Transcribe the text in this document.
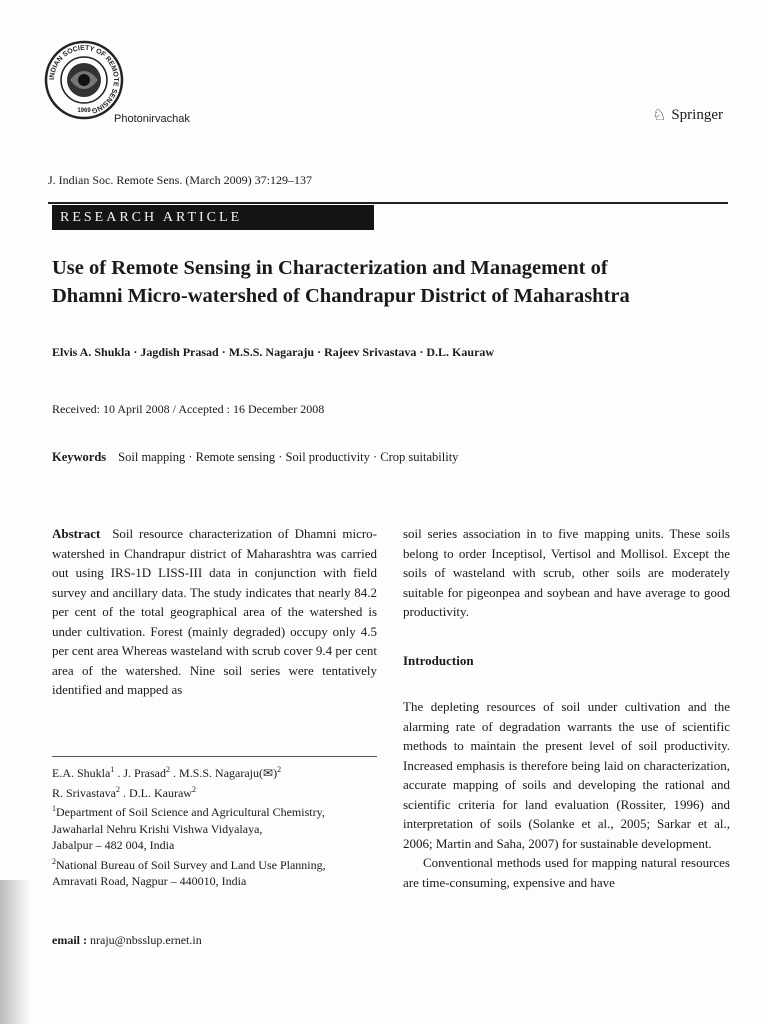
INDIAN SOCIETY OF REMOTE SENSING
1969
Photonirvachak	♘ Springer
J. Indian Soc. Remote Sens. (March 2009) 37:129–137
RESEARCH ARTICLE
Use of Remote Sensing in Characterization and Management of
Dhamni Micro-watershed of Chandrapur District of Maharashtra
Elvis A. Shukla · Jagdish Prasad · M.S.S. Nagaraju · Rajeev Srivastava · D.L. Kauraw
Received: 10 April 2008 / Accepted : 16 December 2008
Keywords Soil mapping · Remote sensing · Soil productivity · Crop suitability
Abstract Soil resource characterization of Dhamni micro-watershed in Chandrapur district of Maharashtra was carried out using IRS-1D LISS-III data in conjunction with field survey and ancillary data. The study indicates that nearly 84.2 per cent of the total geographical area of the watershed is under cultivation. Forest (mainly degraded) occupy only 4.5 per cent area Whereas wasteland with scrub cover 9.4 per cent area of the watershed. Nine soil series were tentatively identified and mapped as

soil series association in to five mapping units. These soils belong to order Inceptisol, Vertisol and Mollisol. Except the soils of wasteland with scrub, other soils are moderately suitable for pigeonpea and soybean and have average to good productivity.

Introduction

The depleting resources of soil under cultivation and the alarming rate of degradation warrants the use of scientific methods to maintain the present level of soil productivity. Increased emphasis is therefore being laid on characterization, accurate mapping of soils and developing the rational and scientific criteria for land evaluation (Rossiter, 1996) and interpretation of soils (Solanke et al., 2005; Sarkar et al., 2006; Martin and Saha, 2007) for sustainable development.

Conventional methods used for mapping natural resources are time-consuming, expensive and have

E.A. Shukla$^1$ . J. Prasad$^2$ . M.S.S. Nagaraju(✉)$^2$
R. Srivastava$^2$ . D.L. Kauraw$^2$
$^1$Department of Soil Science and Agricultural Chemistry,
Jawaharlal Nehru Krishi Vishwa Vidyalaya,
Jabalpur – 482 004, India
$^2$National Bureau of Soil Survey and Land Use Planning,
Amravati Road, Nagpur – 440010, India
email : nraju@nbsslup.ernet.in
